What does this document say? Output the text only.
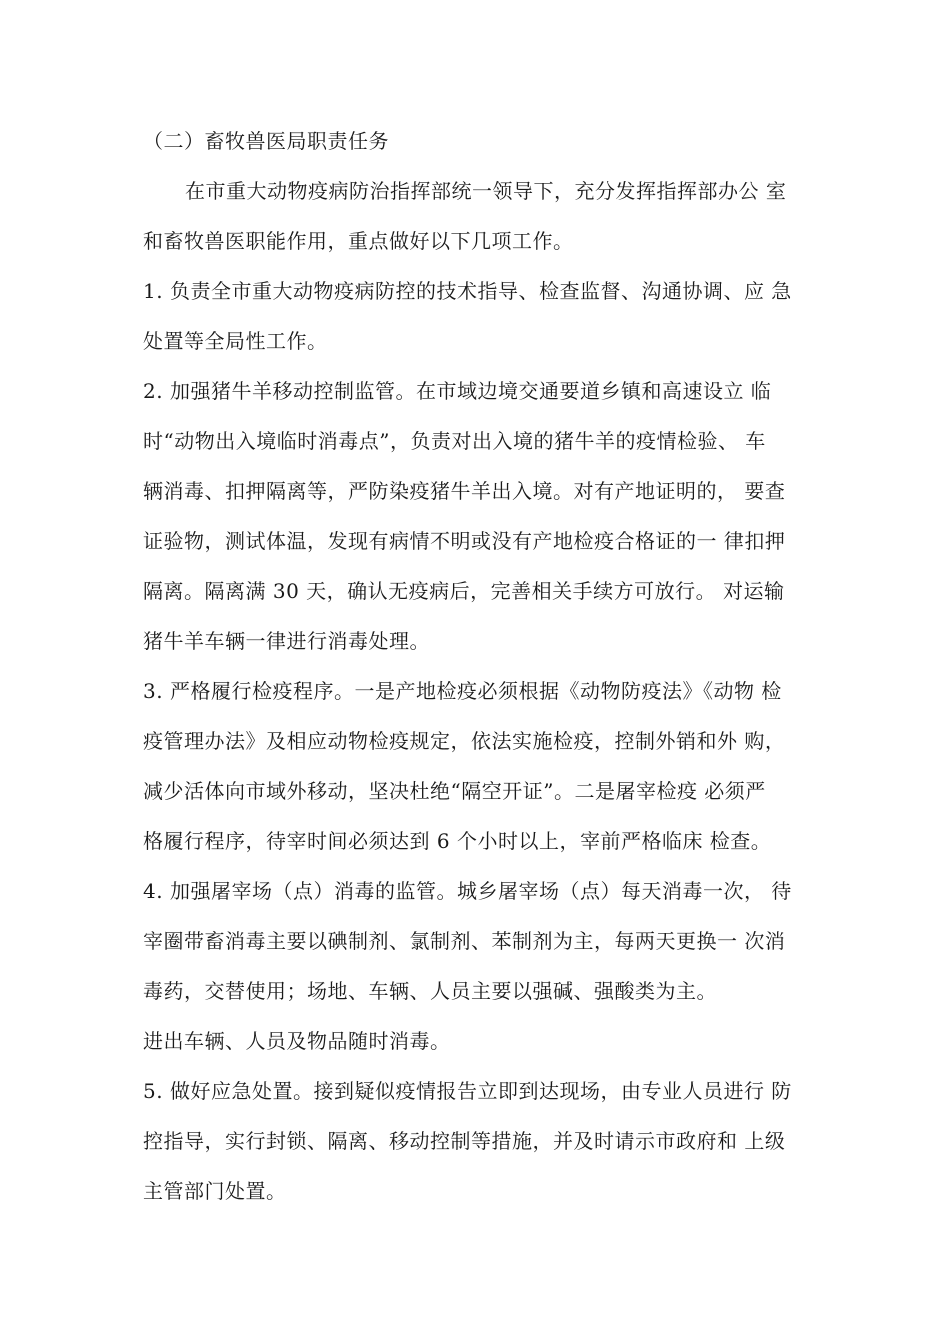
（二）畜牧兽医局职责任务
在市重大动物疫病防治指挥部统一领导下，充分发挥指挥部办公 室
和畜牧兽医职能作用，重点做好以下几项工作。
1. 负责全市重大动物疫病防控的技术指导、检查监督、沟通协调、应 急
处置等全局性工作。
2. 加强猪牛羊移动控制监管。在市域边境交通要道乡镇和高速设立 临
时“动物出入境临时消毒点”，负责对出入境的猪牛羊的疫情检验、 车
辆消毒、扣押隔离等，严防染疫猪牛羊出入境。对有产地证明的， 要查
证验物，测试体温，发现有病情不明或没有产地检疫合格证的一 律扣押
隔离。隔离满 30 天，确认无疫病后，完善相关手续方可放行。 对运输
猪牛羊车辆一律进行消毒处理。
3. 严格履行检疫程序。一是产地检疫必须根据《动物防疫法》《动物 检
疫管理办法》及相应动物检疫规定，依法实施检疫，控制外销和外 购，
减少活体向市域外移动，坚决杜绝“隔空开证”。二是屠宰检疫 必须严
格履行程序，待宰时间必须达到 6 个小时以上，宰前严格临床 检查。
4. 加强屠宰场（点）消毒的监管。城乡屠宰场（点）每天消毒一次， 待
宰圈带畜消毒主要以碘制剂、氯制剂、苯制剂为主，每两天更换一 次消
毒药，交替使用；场地、车辆、人员主要以强碱、强酸类为主。
进出车辆、人员及物品随时消毒。
5. 做好应急处置。接到疑似疫情报告立即到达现场，由专业人员进行 防
控指导，实行封锁、隔离、移动控制等措施，并及时请示市政府和 上级
主管部门处置。
